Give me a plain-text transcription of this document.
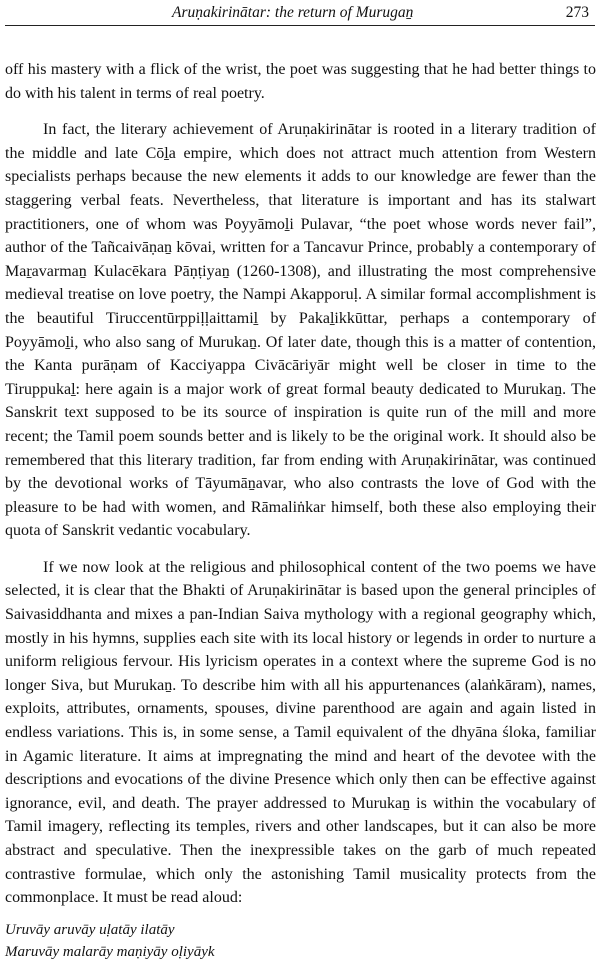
Aruṇakirinātar: the return of Murugaṉ	273

off his mastery with a flick of the wrist, the poet was suggesting that he had better things to do with his talent in terms of real poetry.

In fact, the literary achievement of Aruṇakirinātar is rooted in a literary tradition of the middle and late Cōḻa empire, which does not attract much attention from Western specialists perhaps because the new elements it adds to our knowledge are fewer than the staggering verbal feats. Nevertheless, that literature is important and has its stalwart practitioners, one of whom was Poyyāmoḻi Pulavar, “the poet whose words never fail”, author of the Tañcaivāṇaṉ kōvai, written for a Tancavur Prince, probably a contemporary of Maṟavarmaṉ Kulacēkara Pāṇṭiyaṉ (1260-1308), and illustrating the most comprehensive medieval treatise on love poetry, the Nampi Akapporuḷ. A similar formal accomplishment is the beautiful Tiruccentūrppiḷḷaittamiḻ by Pakaḻikkūttar, perhaps a contemporary of Poyyāmoḻi, who also sang of Murukaṉ. Of later date, though this is a matter of contention, the Kanta purāṇam of Kacciyappa Civācāriyār might well be closer in time to the Tiruppukaḻ: here again is a major work of great formal beauty dedicated to Murukaṉ. The Sanskrit text supposed to be its source of inspiration is quite run of the mill and more recent; the Tamil poem sounds better and is likely to be the original work. It should also be remembered that this literary tradition, far from ending with Aruṇakirinātar, was continued by the devotional works of Tāyumāṉavar, who also contrasts the love of God with the pleasure to be had with women, and Rāmaliṅkar himself, both these also employing their quota of Sanskrit vedantic vocabulary.

If we now look at the religious and philosophical content of the two poems we have selected, it is clear that the Bhakti of Aruṇakirinātar is based upon the general principles of Saivasiddhanta and mixes a pan-Indian Saiva mythology with a regional geography which, mostly in his hymns, supplies each site with its local history or legends in order to nurture a uniform religious fervour. His lyricism operates in a context where the supreme God is no longer Siva, but Murukaṉ. To describe him with all his appurtenances (alaṅkāram), names, exploits, attributes, ornaments, spouses, divine parenthood are again and again listed in endless variations. This is, in some sense, a Tamil equivalent of the dhyāna śloka, familiar in Agamic literature. It aims at impregnating the mind and heart of the devotee with the descriptions and evocations of the divine Presence which only then can be effective against ignorance, evil, and death. The prayer addressed to Murukaṉ is within the vocabulary of Tamil imagery, reflecting its temples, rivers and other landscapes, but it can also be more abstract and speculative. Then the inexpressible takes on the garb of much repeated contrastive formulae, which only the astonishing Tamil musicality protects from the commonplace. It must be read aloud:

Uruvāy aruvāy uḷatāy ilatāy
Maruvāy malarāy maṇiyāy oḷiyāyk
